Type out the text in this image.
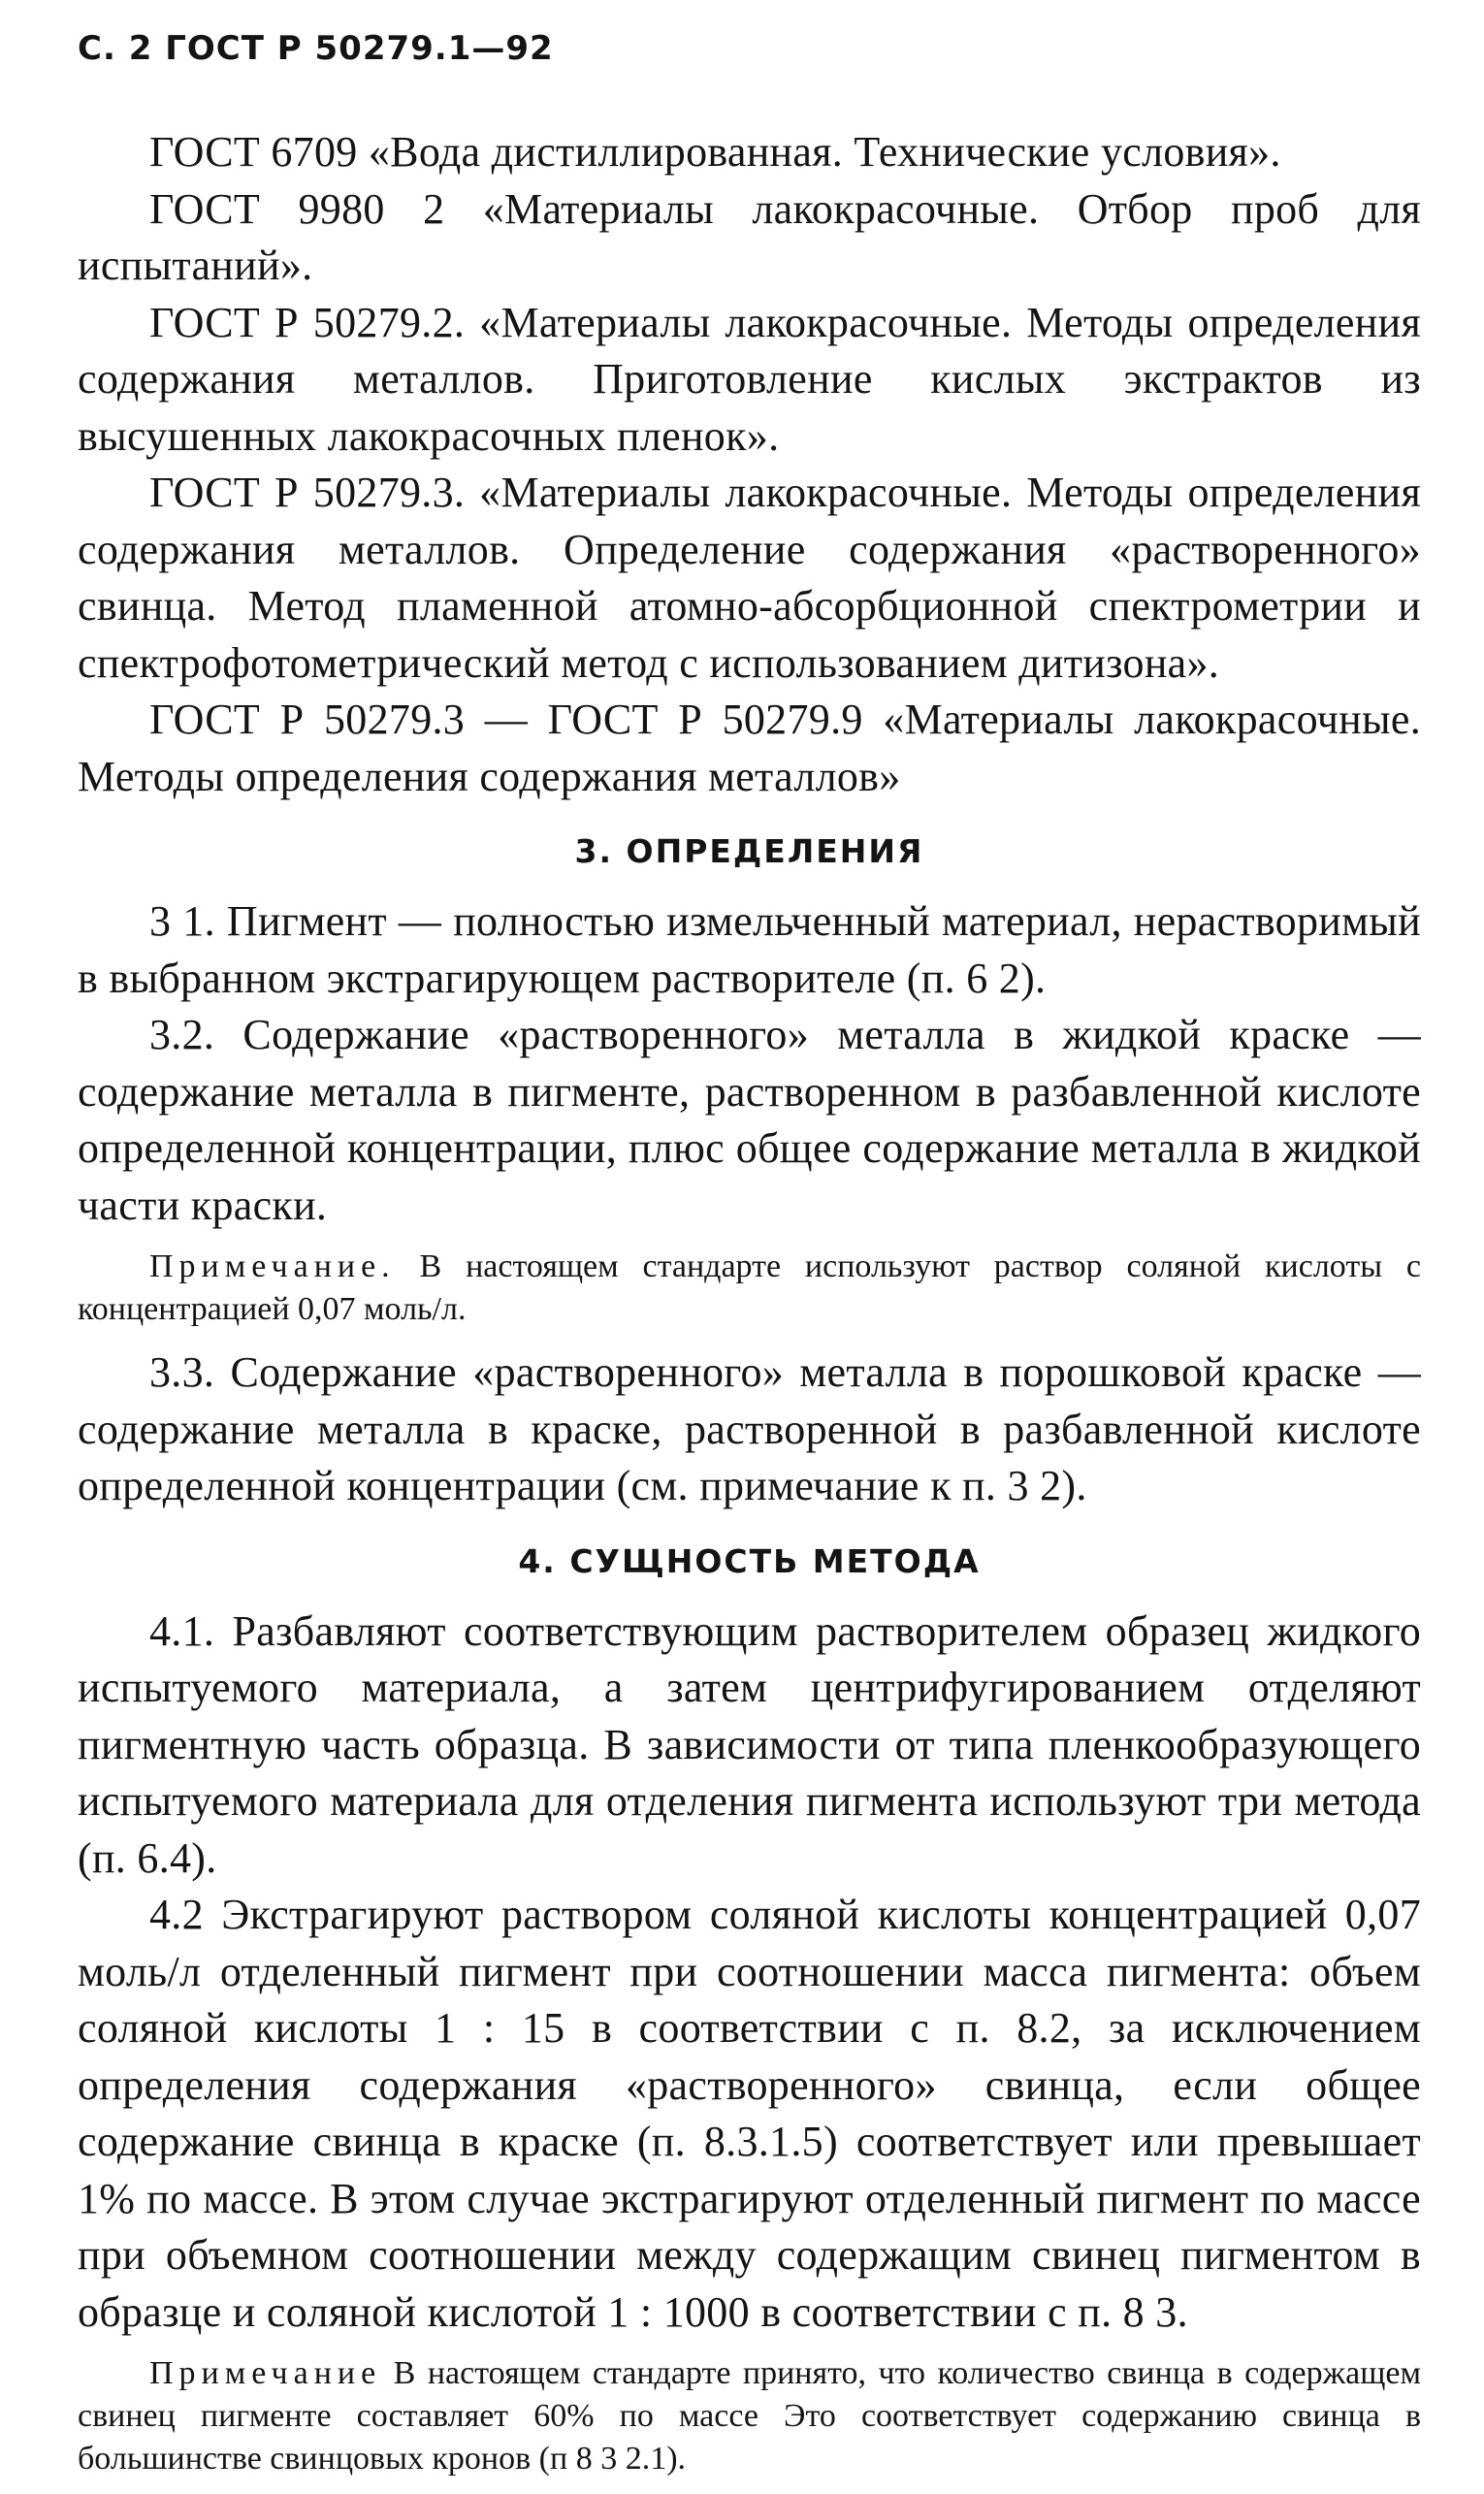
С. 2 ГОСТ Р 50279.1—92

ГОСТ 6709 «Вода дистиллированная. Технические условия».

ГОСТ 9980 2 «Материалы лакокрасочные. Отбор проб для испытаний».

ГОСТ Р 50279.2. «Материалы лакокрасочные. Методы определения содержания металлов. Приготовление кислых экстрактов из высушенных лакокрасочных пленок».

ГОСТ Р 50279.3. «Материалы лакокрасочные. Методы определения содержания металлов. Определение содержания «растворенного» свинца. Метод пламенной атомно-абсорбционной спектрометрии и спектрофотометрический метод с использованием дитизона».

ГОСТ Р 50279.3 — ГОСТ Р 50279.9 «Материалы лакокрасочные. Методы определения содержания металлов»

3. ОПРЕДЕЛЕНИЯ

3 1. Пигмент — полностью измельченный материал, нерастворимый в выбранном экстрагирующем растворителе (п. 6 2).

3.2. Содержание «растворенного» металла в жидкой краске — содержание металла в пигменте, растворенном в разбавленной кислоте определенной концентрации, плюс общее содержание металла в жидкой части краски.

Примечание. В настоящем стандарте используют раствор соляной кислоты с концентрацией 0,07 моль/л.

3.3. Содержание «растворенного» металла в порошковой краске — содержание металла в краске, растворенной в разбавленной кислоте определенной концентрации (см. примечание к п. 3 2).

4. СУЩНОСТЬ МЕТОДА

4.1. Разбавляют соответствующим растворителем образец жидкого испытуемого материала, а затем центрифугированием отделяют пигментную часть образца. В зависимости от типа пленкообразующего испытуемого материала для отделения пигмента используют три метода (п. 6.4).

4.2 Экстрагируют раствором соляной кислоты концентрацией 0,07 моль/л отделенный пигмент при соотношении масса пигмента: объем соляной кислоты 1 : 15 в соответствии с п. 8.2, за исключением определения содержания «растворенного» свинца, если общее содержание свинца в краске (п. 8.3.1.5) соответствует или превышает 1% по массе. В этом случае экстрагируют отделенный пигмент по массе при объемном соотношении между содержащим свинец пигментом в образце и соляной кислотой 1 : 1000 в соответствии с п. 8 3.

Примечание В настоящем стандарте принято, что количество свинца в содержащем свинец пигменте составляет 60% по массе Это соответствует содержанию свинца в большинстве свинцовых кронов (п 8 3 2.1).
